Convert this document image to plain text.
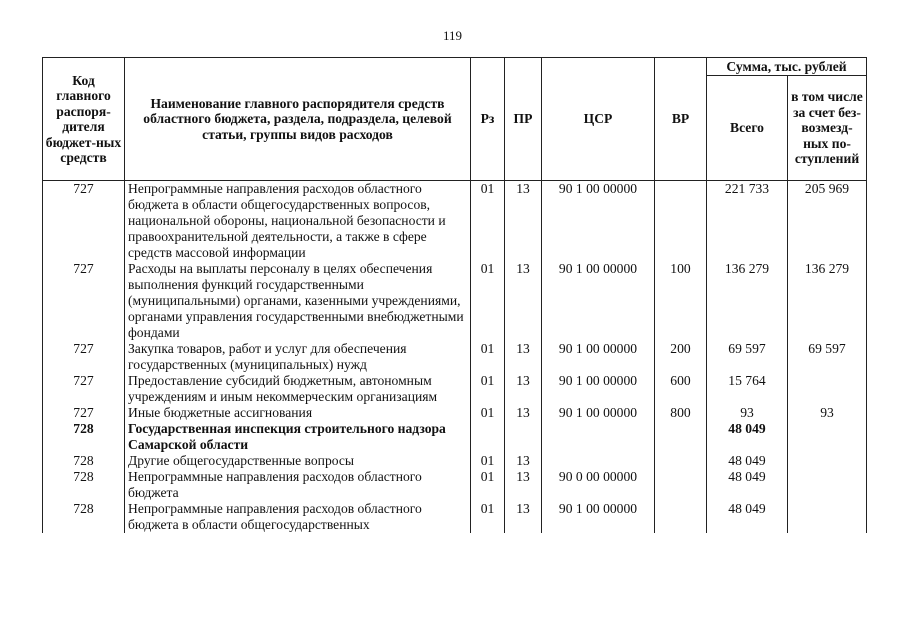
119
Код главного распоря-дителя бюджет-ных средств	Наименование главного распорядителя средств областного бюджета, раздела, подраздела, целевой статьи, группы видов расходов	Рз	ПР	ЦСР	ВР	Сумма, тыс. рублей	
						Всего	в том числе за счет без-возмезд-ных по-ступлений
727	Непрограммные направления расходов областного бюджета в области общегосударственных вопросов, национальной обороны, национальной безопасности и правоохранительной деятельности, а также в сфере средств массовой информации	01	13	90 1 00 00000		221 733	205 969
727	Расходы на выплаты персоналу в целях обеспечения выполнения функций государственными (муниципальными) органами, казенными учреждениями, органами управления государственными внебюджетными фондами	01	13	90 1 00 00000	100	136 279	136 279
727	Закупка товаров, работ и услуг для обеспечения государственных (муниципальных) нужд	01	13	90 1 00 00000	200	69 597	69 597
727	Предоставление субсидий бюджетным, автономным учреждениям и иным некоммерческим организациям	01	13	90 1 00 00000	600	15 764	
727	Иные бюджетные ассигнования	01	13	90 1 00 00000	800	93	93
728	Государственная инспекция строительного надзора Самарской области					48 049	
728	Другие общегосударственные вопросы	01	13			48 049	
728	Непрограммные направления расходов областного бюджета	01	13	90 0 00 00000		48 049	
728	Непрограммные направления расходов областного бюджета в области общегосударственных	01	13	90 1 00 00000		48 049	
